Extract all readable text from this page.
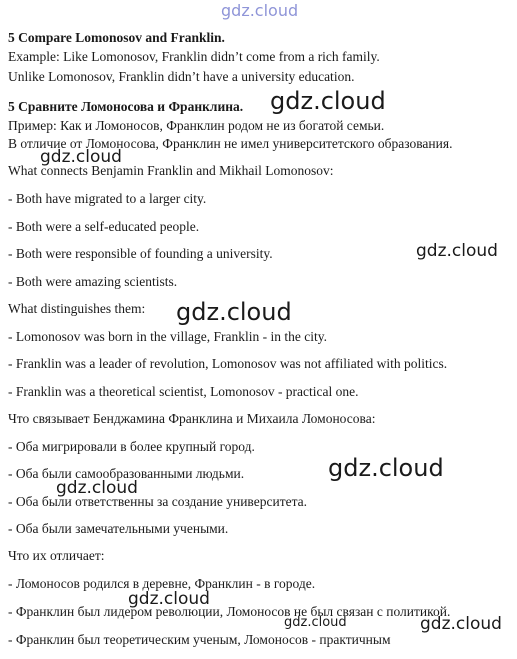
gdz.cloud
5 Compare Lomonosov and Franklin.
Example: Like Lomonosov, Franklin didn’t come from a rich family.
Unlike Lomonosov, Franklin didn’t have a university education.
5 Сравните Ломоносова и Франклина.
Пример: Как и Ломоносов, Франклин родом не из богатой семьи.
В отличие от Ломоносова, Франклин не имел университетского образования.
What connects Benjamin Franklin and Mikhail Lomonosov:
- Both have migrated to a larger city.
- Both were a self-educated people.
- Both were responsible of founding a university.
- Both were amazing scientists.
What distinguishes them:
- Lomonosov was born in the village, Franklin - in the city.
- Franklin was a leader of revolution, Lomonosov was not affiliated with politics.
- Franklin was a theoretical scientist, Lomonosov - practical one.
Что связывает Бенджамина Франклина и Михаила Ломоносова:
- Оба мигрировали в более крупный город.
- Оба были самообразованными людьми.
- Оба были ответственны за создание университета.
- Оба были замечательными учеными.
Что их отличает:
- Ломоносов родился в деревне, Франклин - в городе.
- Франклин был лидером революции, Ломоносов не был связан с политикой.
- Франклин был теоретическим ученым, Ломоносов - практичным
gdz.cloud
gdz.cloud
gdz.cloud
gdz.cloud
gdz.cloud
gdz.cloud
gdz.cloud
gdz.cloud	gdz.cloud
